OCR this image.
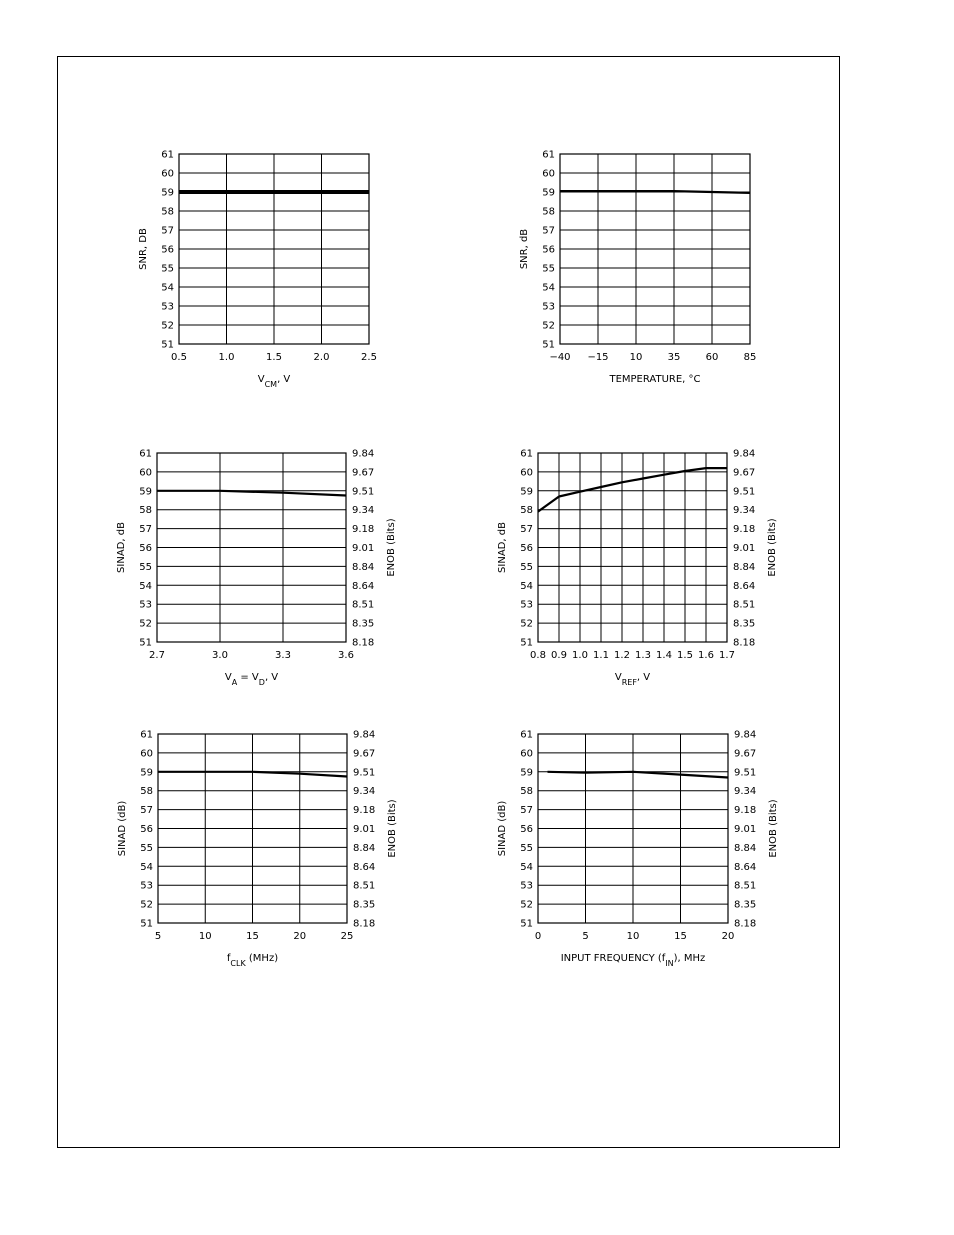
51
52
53
54
55
56
57
58
59
60
61
0.5	1.0	1.5	2.0	2.5
$V_{CM}$, V
SNR, DB
51
52
53
54
55
56
57
58
59
60
61
−40 −15 10	35	60	85
TEMPERATURE, °C
SNR, dB
51
52
53
54
55
56
57
58
59
60
61
8.18
8.35
8.51
8.64
8.84
9.01
9.18
9.34
9.51
9.67
9.84
2.7	3.0	3.3	3.6
$V_A = V_D$, V
SINAD, dB	ENOB (Bits)
51
52
53
54
55
56
57
58
59
60
61
8.18
8.35
8.51
8.64
8.84
9.01
9.18
9.34
9.51
9.67
9.84
0.8 0.9 1.0 1.1 1.2 1.3 1.4 1.5 1.6 1.7
$V_{REF}$, V
SINAD, dB	ENOB (Bits)
51
52
53
54
55
56
57
58
59
60
61
8.18
8.35
8.51
8.64
8.84
9.01
9.18
9.34
9.51
9.67
9.84
5	10	15	20	25
$f_{CLK}$ (MHz)
SINAD (dB)	ENOB (Bits)
51
52
53
54
55
56
57
58
59
60
61
8.18
8.35
8.51
8.64
8.84
9.01
9.18
9.34
9.51
9.67
9.84
0	5	10	15	20
INPUT FREQUENCY $(f_{IN})$, MHz
SINAD (dB)	ENOB (Bits)
